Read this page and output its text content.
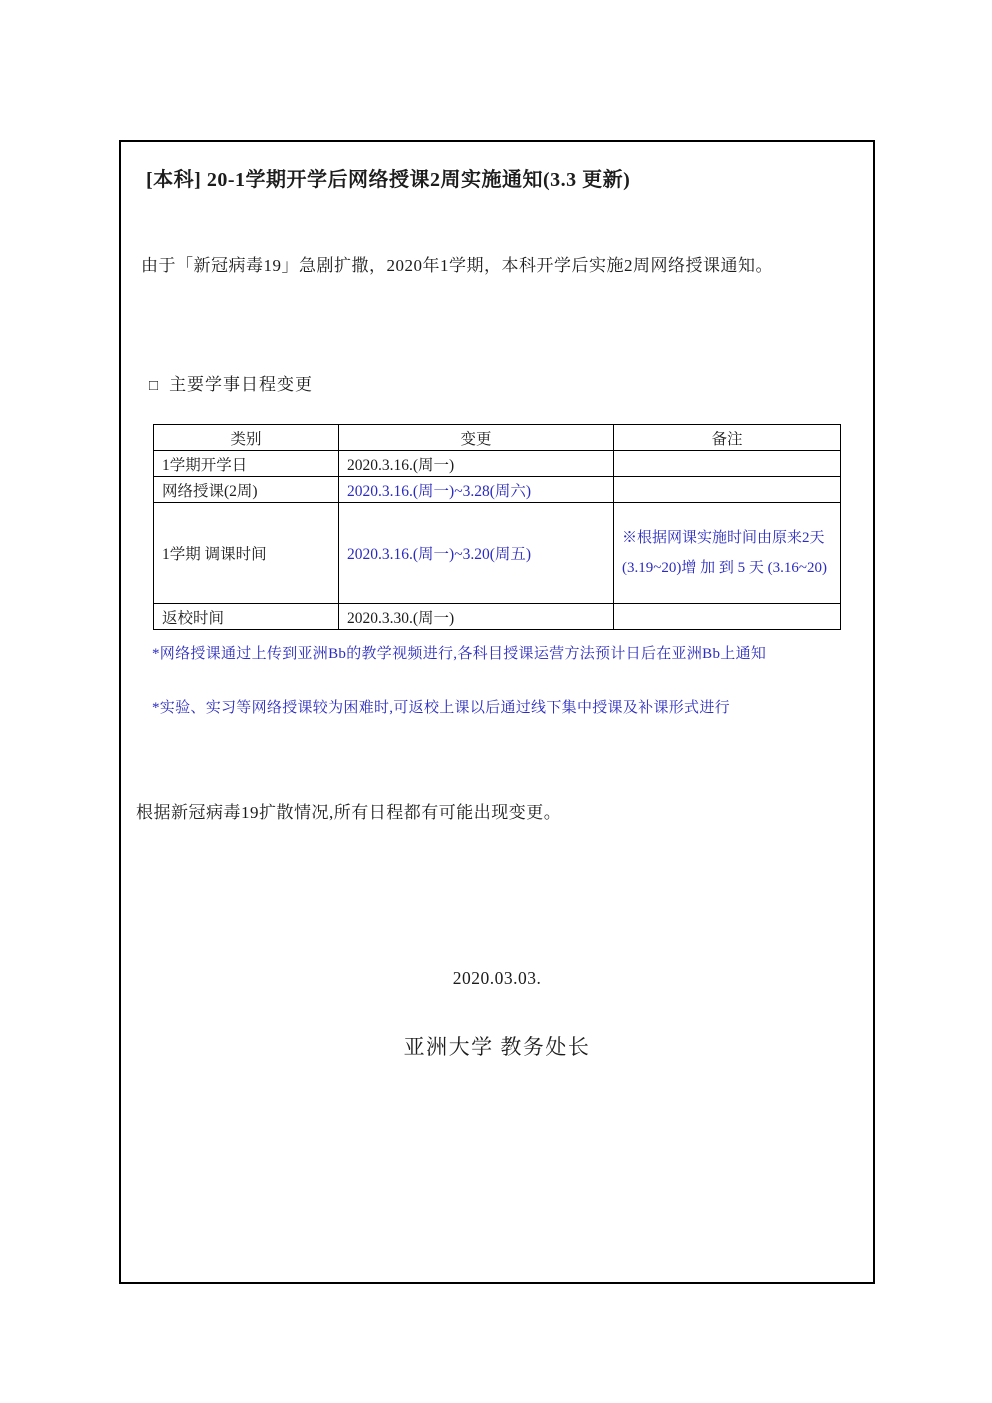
[本科] 20-1学期开学后网络授课2周实施通知(3.3 更新)
由于「新冠病毒19」急剧扩撒，2020年1学期，本科开学后实施2周网络授课通知。
□ 主要学事日程变更
类别	变更	备注
1学期开学日	2020.3.16.(周一)	
网络授课(2周)	2020.3.16.(周一)~3.28(周六)	
1学期 调课时间	2020.3.16.(周一)~3.20(周五)	※根据网课实施时间由原来2天(3.19~20)增 加 到 5 天 (3.16~20)
返校时间	2020.3.30.(周一)	
*网络授课通过上传到亚洲Bb的教学视频进行,各科目授课运营方法预计日后在亚洲Bb上通知
*实验、实习等网络授课较为困难时,可返校上课以后通过线下集中授课及补课形式进行
根据新冠病毒19扩散情况,所有日程都有可能出现变更。
2020.03.03.
亚洲大学 教务处长
